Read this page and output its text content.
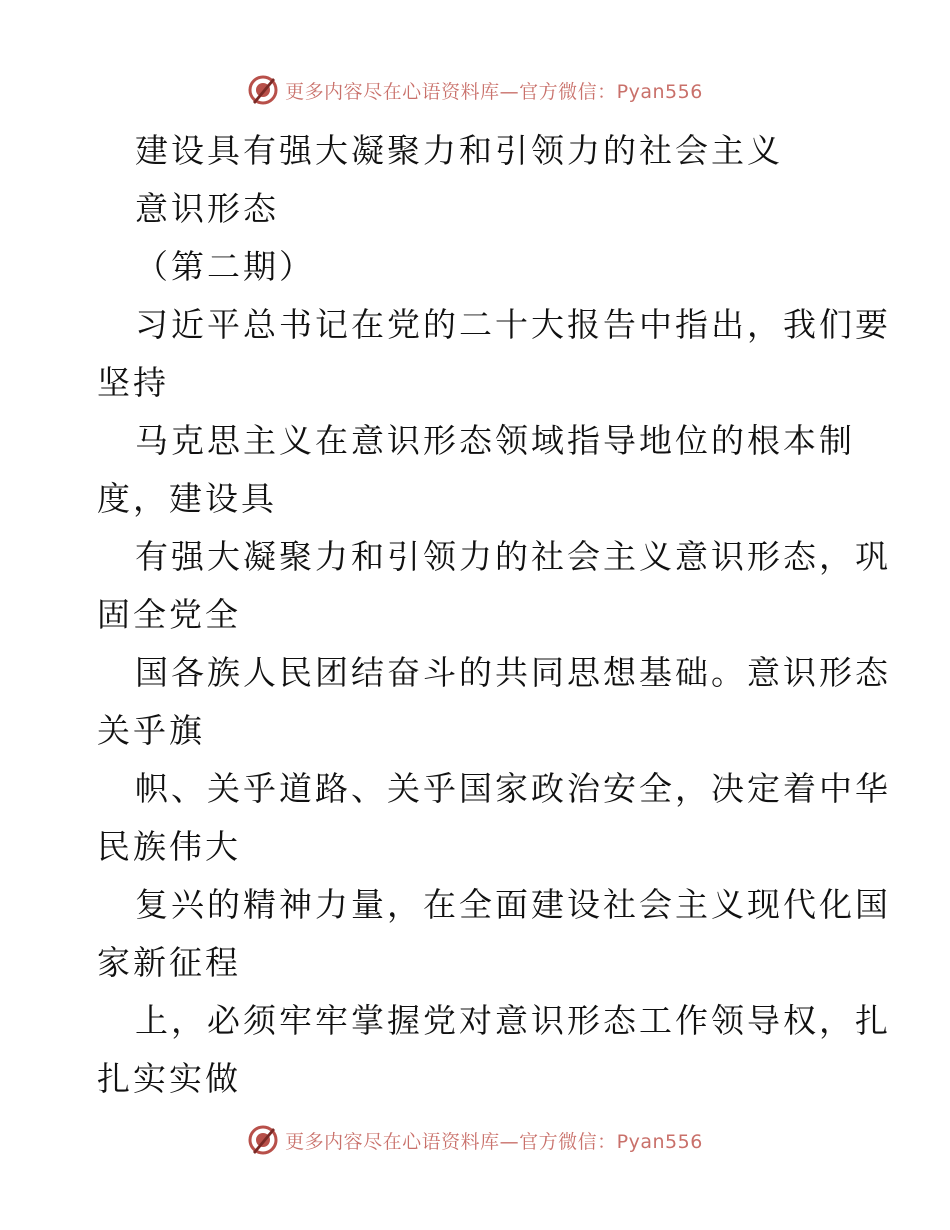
更多内容尽在心语资料库—官方微信：Pyan556
建设具有强大凝聚力和引领力的社会主义
意识形态
（第二期）
习近平总书记在党的二十大报告中指出，我们要
坚持
马克思主义在意识形态领域指导地位的根本制
度，建设具
有强大凝聚力和引领力的社会主义意识形态，巩
固全党全
国各族人民团结奋斗的共同思想基础。意识形态
关乎旗
帜、关乎道路、关乎国家政治安全，决定着中华
民族伟大
复兴的精神力量，在全面建设社会主义现代化国
家新征程
上，必须牢牢掌握党对意识形态工作领导权，扎
扎实实做
更多内容尽在心语资料库—官方微信：Pyan556
